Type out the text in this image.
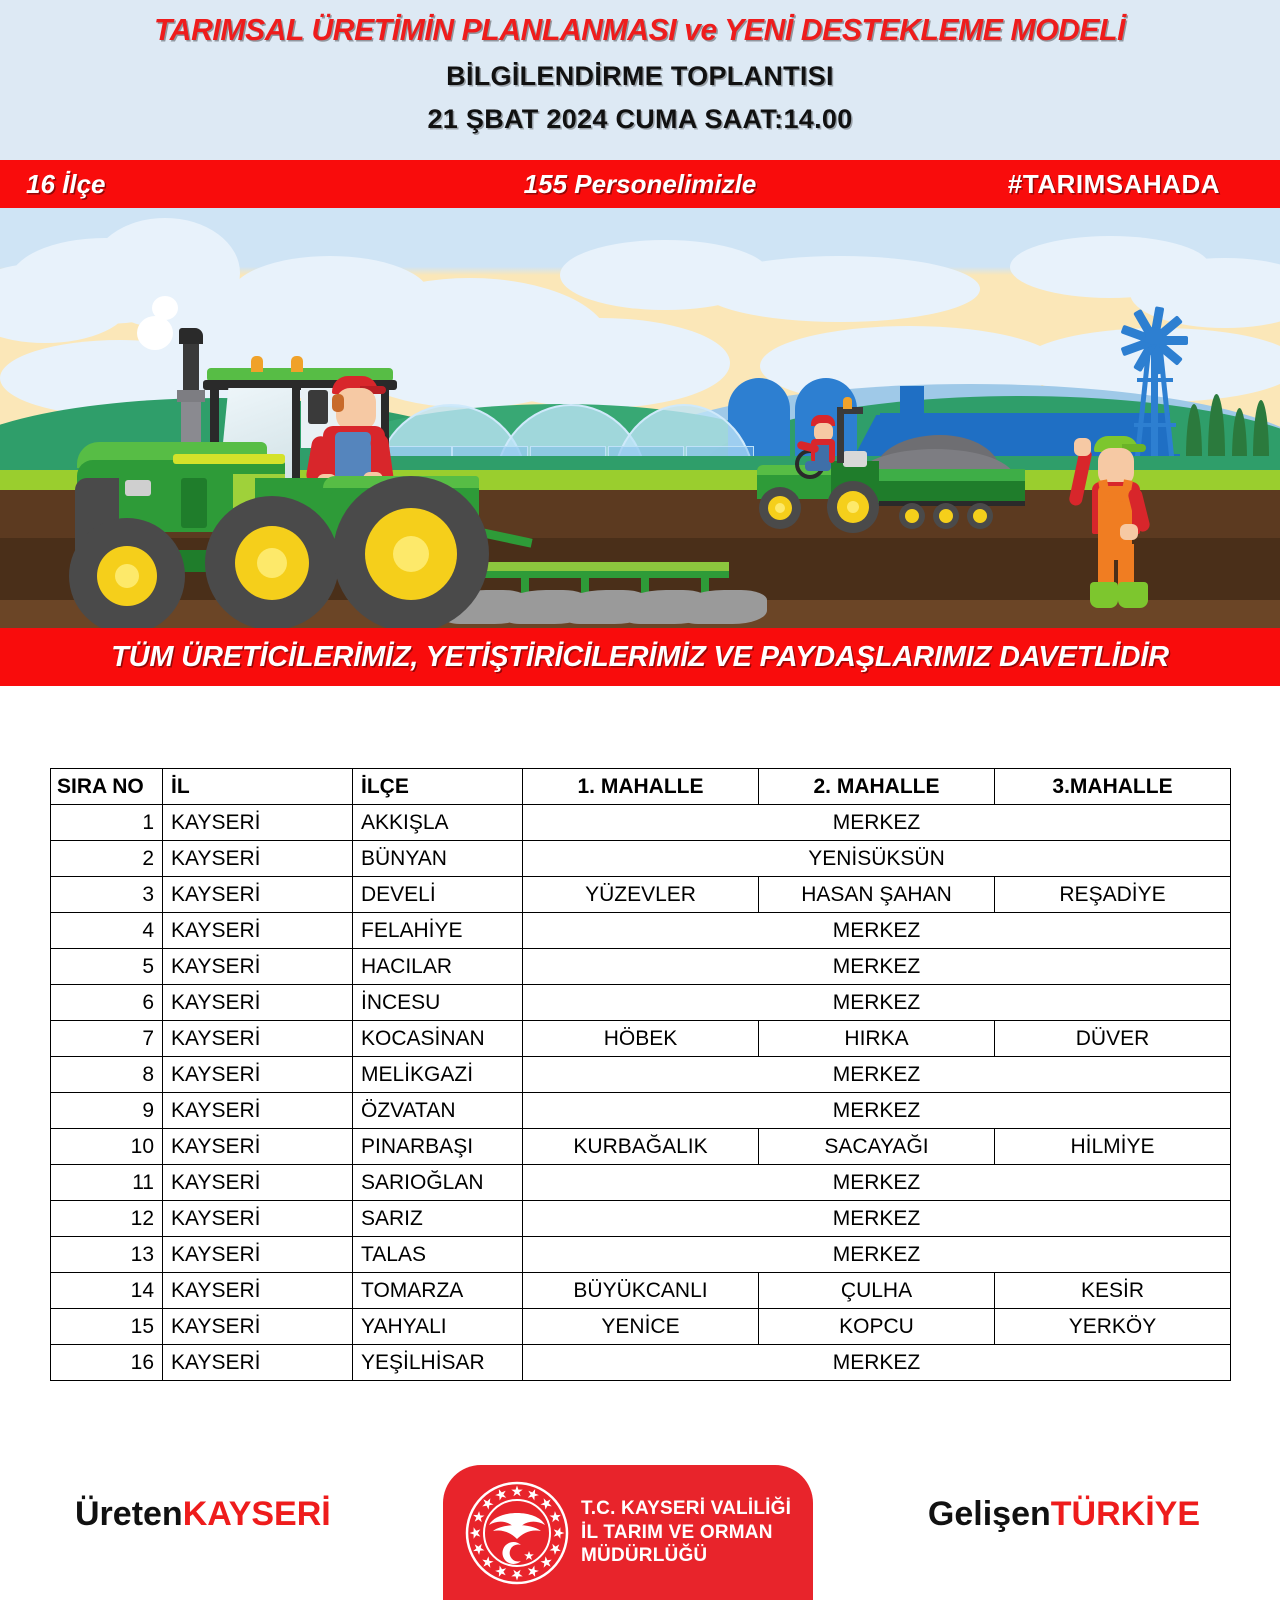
TARIMSAL ÜRETİMİN PLANLANMASI ve YENİ DESTEKLEME MODELİ
BİLGİLENDİRME TOPLANTISI
21 ŞBAT 2024 CUMA SAAT:14.00
16 İlçe	155 Personelimizle	#TARIMSAHADA
TÜM ÜRETİCİLERİMİZ, YETİŞTİRİCİLERİMİZ VE PAYDAŞLARIMIZ DAVETLİDİR
SIRA NO	İL	İLÇE	1. MAHALLE	2. MAHALLE	3.MAHALLE
1	KAYSERİ	AKKIŞLA	MERKEZ		
2	KAYSERİ	BÜNYAN	YENİSÜKSÜN		
3	KAYSERİ	DEVELİ	YÜZEVLER	HASAN ŞAHAN	REŞADİYE
4	KAYSERİ	FELAHİYE	MERKEZ		
5	KAYSERİ	HACILAR	MERKEZ		
6	KAYSERİ	İNCESU	MERKEZ		
7	KAYSERİ	KOCASİNAN	HÖBEK	HIRKA	DÜVER
8	KAYSERİ	MELİKGAZİ	MERKEZ		
9	KAYSERİ	ÖZVATAN	MERKEZ		
10	KAYSERİ	PINARBAŞI	KURBAĞALIK	SACAYAĞI	HİLMİYE
11	KAYSERİ	SARIOĞLAN	MERKEZ		
12	KAYSERİ	SARIZ	MERKEZ		
13	KAYSERİ	TALAS	MERKEZ		
14	KAYSERİ	TOMARZA	BÜYÜKCANLI	ÇULHA	KESİR
15	KAYSERİ	YAHYALI	YENİCE	KOPCU	YERKÖY
16	KAYSERİ	YEŞİLHİSAR	MERKEZ		
ÜretenKAYSERİ	T.C. KAYSERİ VALİLİĞİ
İL TARIM VE ORMAN
MÜDÜRLÜĞÜ
GelişenTÜRKİYE
